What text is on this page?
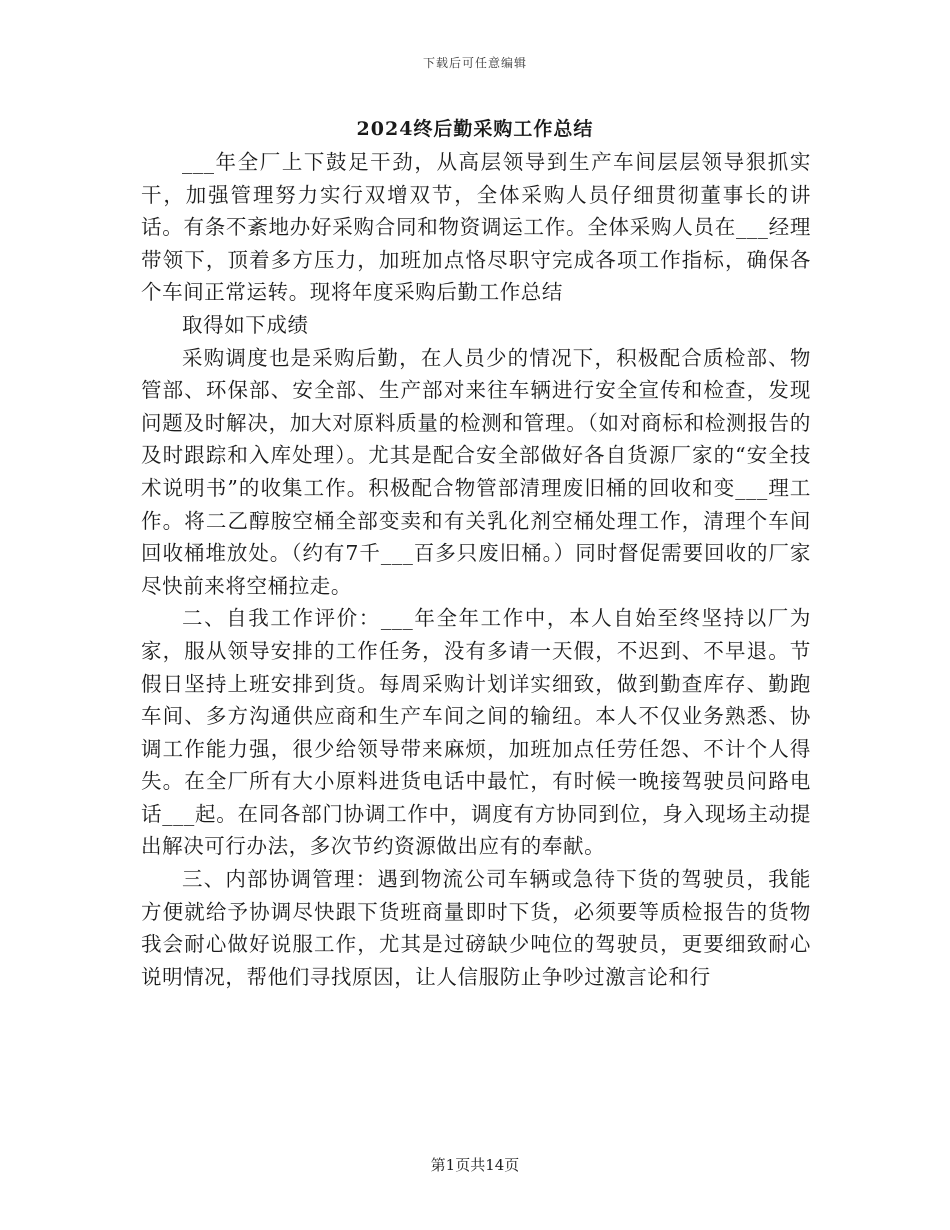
下载后可任意编辑
2024终后勤采购工作总结

___年全厂上下鼓足干劲，从高层领导到生产车间层层领导狠抓实干，加强管理努力实行双增双节，全体采购人员仔细贯彻董事长的讲话。有条不紊地办好采购合同和物资调运工作。全体采购人员在___经理带领下，顶着多方压力，加班加点恪尽职守完成各项工作指标，确保各个车间正常运转。现将年度采购后勤工作总结

取得如下成绩

采购调度也是采购后勤，在人员少的情况下，积极配合质检部、物管部、环保部、安全部、生产部对来往车辆进行安全宣传和检查，发现问题及时解决，加大对原料质量的检测和管理。（如对商标和检测报告的及时跟踪和入库处理）。尤其是配合安全部做好各自货源厂家的“安全技术说明书”的收集工作。积极配合物管部清理废旧桶的回收和变___理工作。将二乙醇胺空桶全部变卖和有关乳化剂空桶处理工作，清理个车间回收桶堆放处。（约有7千___百多只废旧桶。）同时督促需要回收的厂家尽快前来将空桶拉走。

二、自我工作评价：___年全年工作中，本人自始至终坚持以厂为家，服从领导安排的工作任务，没有多请一天假，不迟到、不早退。节假日坚持上班安排到货。每周采购计划详实细致，做到勤查库存、勤跑车间、多方沟通供应商和生产车间之间的输纽。本人不仅业务熟悉、协调工作能力强，很少给领导带来麻烦，加班加点任劳任怨、不计个人得失。在全厂所有大小原料进货电话中最忙，有时候一晚接驾驶员问路电话___起。在同各部门协调工作中，调度有方协同到位，身入现场主动提出解决可行办法，多次节约资源做出应有的奉献。

三、内部协调管理：遇到物流公司车辆或急待下货的驾驶员，我能方便就给予协调尽快跟下货班商量即时下货，必须要等质检报告的货物我会耐心做好说服工作，尤其是过磅缺少吨位的驾驶员，更要细致耐心说明情况，帮他们寻找原因，让人信服防止争吵过激言论和行

第1页共14页
